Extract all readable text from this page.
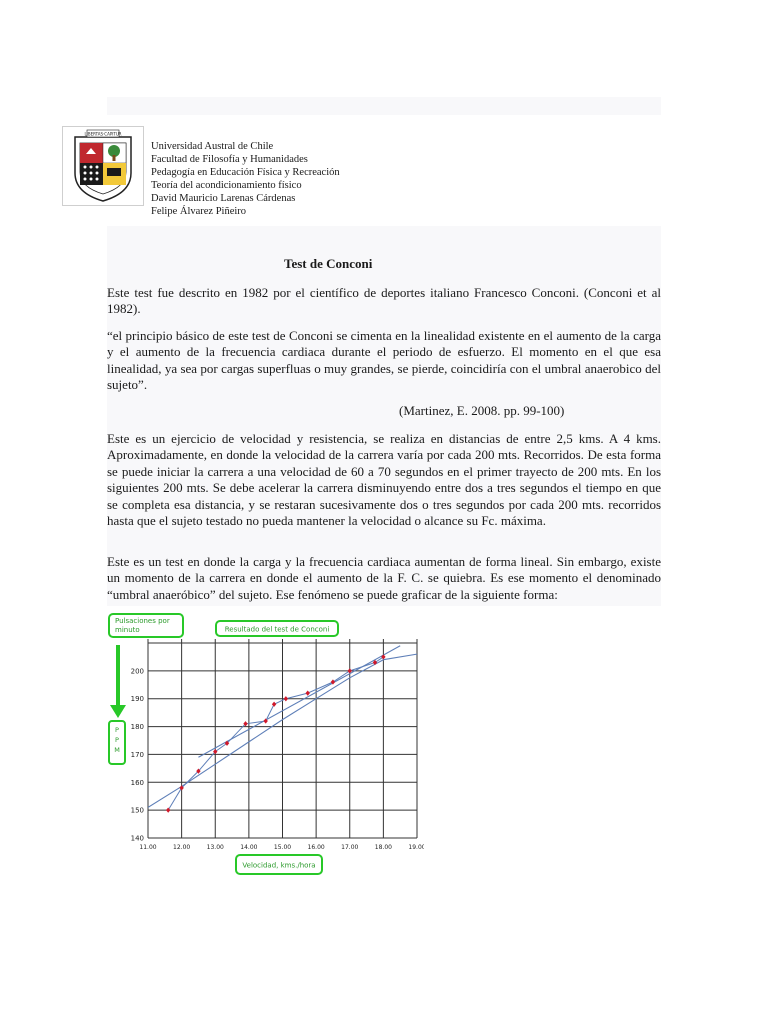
LIBERTAS·CAPITUR
Universidad Austral de Chile
Facultad de Filosofía y Humanidades
Pedagogía en Educación Física y Recreación
Teoría del acondicionamiento físico
David Mauricio Larenas Cárdenas
Felipe Álvarez Piñeiro
Test de Conconi
Este test fue descrito en 1982 por el científico de deportes italiano Francesco Conconi. (Conconi et al 1982).
“el principio básico de este test de Conconi se cimenta en la linealidad existente en el aumento de la carga y el aumento de la frecuencia cardiaca durante el periodo de esfuerzo. El momento en el que esa linealidad, ya sea por cargas superfluas o muy grandes, se pierde, coincidiría con el umbral anaerobico del sujeto”.
(Martinez, E. 2008. pp. 99-100)
Este es un ejercicio de velocidad y resistencia, se realiza en distancias de entre 2,5 kms. A 4 kms. Aproximadamente, en donde la velocidad de la carrera varía por cada 200 mts. Recorridos. De esta forma se puede iniciar la carrera a una velocidad de 60 a 70 segundos en el primer trayecto de 200 mts. En los siguientes 200 mts. Se debe acelerar la carrera disminuyendo entre dos a tres segundos el tiempo en que se completa esa distancia, y se restaran sucesivamente dos o tres segundos por cada 200 mts. recorridos hasta que el sujeto testado no pueda mantener la velocidad o alcance su Fc. máxima.
Este es un test en donde la carga y la frecuencia cardiaca aumentan de forma lineal. Sin embargo, existe un momento de la carrera en donde el aumento de la F. C. se quiebra. Es ese momento el denominado “umbral anaeróbico” del sujeto. Ese fenómeno se puede graficar de la siguiente forma:
140
150
160
170
180
190
200
11.00	12.00	13.00	14.00	15.00	16.00	17.00	18.00	19.00
Pulsaciones por
minuto	Resultado del test de Conconi
P
P
M
Velocidad, kms./hora
